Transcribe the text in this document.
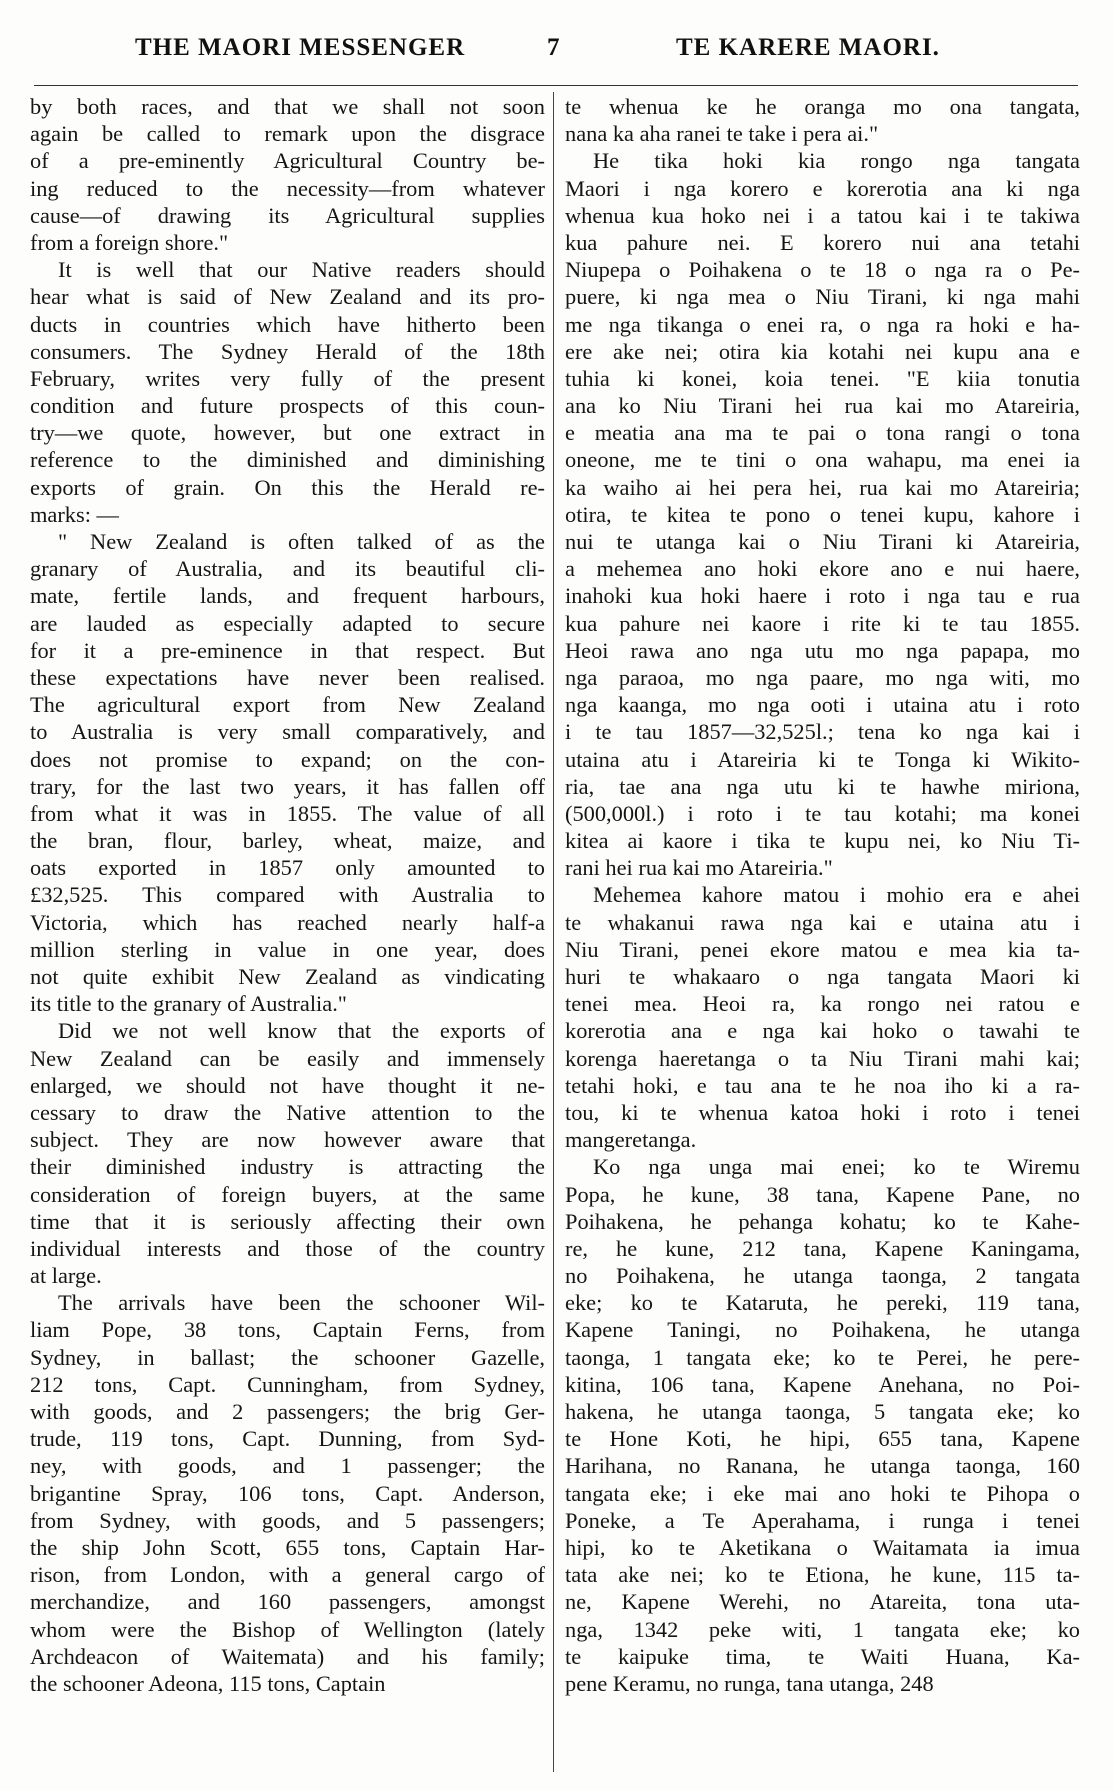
THE MAORI MESSENGER	7	TE KARERE MAORI.
by both races, and that we shall not soon
again be called to remark upon the disgrace
of a pre-eminently Agricultural Country be-
ing reduced to the necessity—from whatever
cause—of drawing its Agricultural supplies
from a foreign shore."
It is well that our Native readers should
hear what is said of New Zealand and its pro-
ducts in countries which have hitherto been
consumers. The Sydney Herald of the 18th
February, writes very fully of the present
condition and future prospects of this coun-
try—we quote, however, but one extract in
reference to the diminished and diminishing
exports of grain. On this the Herald re-
marks: —
" New Zealand is often talked of as the
granary of Australia, and its beautiful cli-
mate, fertile lands, and frequent harbours,
are lauded as especially adapted to secure
for it a pre-eminence in that respect. But
these expectations have never been realised.
The agricultural export from New Zealand
to Australia is very small comparatively, and
does not promise to expand; on the con-
trary, for the last two years, it has fallen off
from what it was in 1855. The value of all
the bran, flour, barley, wheat, maize, and
oats exported in 1857 only amounted to
£32,525. This compared with Australia to
Victoria, which has reached nearly half-a
million sterling in value in one year, does
not quite exhibit New Zealand as vindicating
its title to the granary of Australia."
Did we not well know that the exports of
New Zealand can be easily and immensely
enlarged, we should not have thought it ne-
cessary to draw the Native attention to the
subject. They are now however aware that
their diminished industry is attracting the
consideration of foreign buyers, at the same
time that it is seriously affecting their own
individual interests and those of the country
at large.
The arrivals have been the schooner Wil-
liam Pope, 38 tons, Captain Ferns, from
Sydney, in ballast; the schooner Gazelle,
212 tons, Capt. Cunningham, from Sydney,
with goods, and 2 passengers; the brig Ger-
trude, 119 tons, Capt. Dunning, from Syd-
ney, with goods, and 1 passenger; the
brigantine Spray, 106 tons, Capt. Anderson,
from Sydney, with goods, and 5 passengers;
the ship John Scott, 655 tons, Captain Har-
rison, from London, with a general cargo of
merchandize, and 160 passengers, amongst
whom were the Bishop of Wellington (lately
Archdeacon of Waitemata) and his family;
the schooner Adeona, 115 tons, Captain
te whenua ke he oranga mo ona tangata,
nana ka aha ranei te take i pera ai."
He tika hoki kia rongo nga tangata
Maori i nga korero e korerotia ana ki nga
whenua kua hoko nei i a tatou kai i te takiwa
kua pahure nei. E korero nui ana tetahi
Niupepa o Poihakena o te 18 o nga ra o Pe-
puere, ki nga mea o Niu Tirani, ki nga mahi
me nga tikanga o enei ra, o nga ra hoki e ha-
ere ake nei; otira kia kotahi nei kupu ana e
tuhia ki konei, koia tenei. "E kiia tonutia
ana ko Niu Tirani hei rua kai mo Atareiria,
e meatia ana ma te pai o tona rangi o tona
oneone, me te tini o ona wahapu, ma enei ia
ka waiho ai hei pera hei, rua kai mo Atareiria;
otira, te kitea te pono o tenei kupu, kahore i
nui te utanga kai o Niu Tirani ki Atareiria,
a mehemea ano hoki ekore ano e nui haere,
inahoki kua hoki haere i roto i nga tau e rua
kua pahure nei kaore i rite ki te tau 1855.
Heoi rawa ano nga utu mo nga papapa, mo
nga paraoa, mo nga paare, mo nga witi, mo
nga kaanga, mo nga ooti i utaina atu i roto
i te tau 1857—32,525l.; tena ko nga kai i
utaina atu i Atareiria ki te Tonga ki Wikito-
ria, tae ana nga utu ki te hawhe miriona,
(500,000l.) i roto i te tau kotahi; ma konei
kitea ai kaore i tika te kupu nei, ko Niu Ti-
rani hei rua kai mo Atareiria."
Mehemea kahore matou i mohio era e ahei
te whakanui rawa nga kai e utaina atu i
Niu Tirani, penei ekore matou e mea kia ta-
huri te whakaaro o nga tangata Maori ki
tenei mea. Heoi ra, ka rongo nei ratou e
korerotia ana e nga kai hoko o tawahi te
korenga haeretanga o ta Niu Tirani mahi kai;
tetahi hoki, e tau ana te he noa iho ki a ra-
tou, ki te whenua katoa hoki i roto i tenei
mangeretanga.
Ko nga unga mai enei; ko te Wiremu
Popa, he kune, 38 tana, Kapene Pane, no
Poihakena, he pehanga kohatu; ko te Kahe-
re, he kune, 212 tana, Kapene Kaningama,
no Poihakena, he utanga taonga, 2 tangata
eke; ko te Kataruta, he pereki, 119 tana,
Kapene Taningi, no Poihakena, he utanga
taonga, 1 tangata eke; ko te Perei, he pere-
kitina, 106 tana, Kapene Anehana, no Poi-
hakena, he utanga taonga, 5 tangata eke; ko
te Hone Koti, he hipi, 655 tana, Kapene
Harihana, no Ranana, he utanga taonga, 160
tangata eke; i eke mai ano hoki te Pihopa o
Poneke, a Te Aperahama, i runga i tenei
hipi, ko te Aketikana o Waitamata ia imua
tata ake nei; ko te Etiona, he kune, 115 ta-
ne, Kapene Werehi, no Atareita, tona uta-
nga, 1342 peke witi, 1 tangata eke; ko
te kaipuke tima, te Waiti Huana, Ka-
pene Keramu, no runga, tana utanga, 248
